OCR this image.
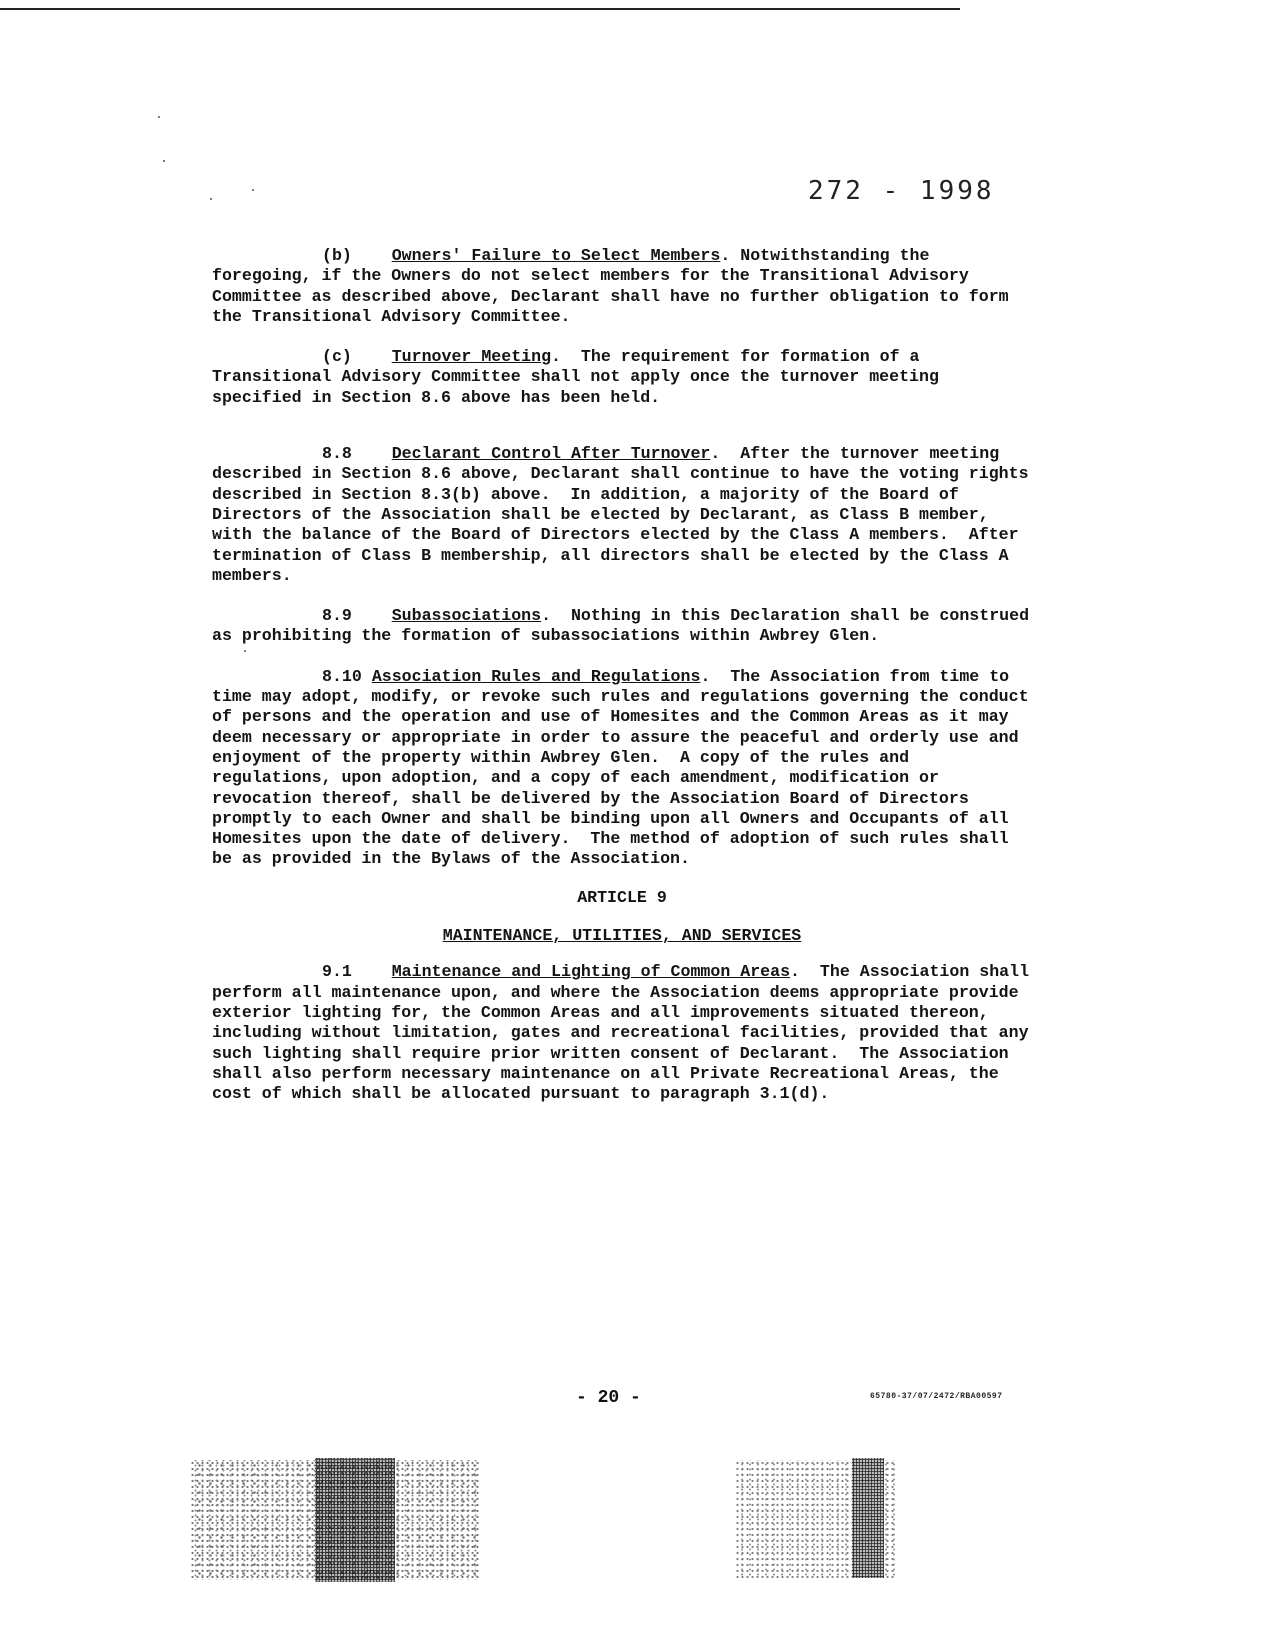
272 - 1998

(b) Owners' Failure to Select Members. Notwithstanding the foregoing, if the Owners do not select members for the Transitional Advisory Committee as described above, Declarant shall have no further obligation to form the Transitional Advisory Committee.

(c) Turnover Meeting.  The requirement for formation of a Transitional Advisory Committee shall not apply once the turnover meeting specified in Section 8.6 above has been held.

8.8 Declarant Control After Turnover.  After the turnover meeting described in Section 8.6 above, Declarant shall continue to have the voting rights described in Section 8.3(b) above.  In addition, a majority of the Board of Directors of the Association shall be elected by Declarant, as Class B member, with the balance of the Board of Directors elected by the Class A members.  After termination of Class B membership, all directors shall be elected by the Class A members.

8.9 Subassociations.  Nothing in this Declaration shall be construed as prohibiting the formation of subassociations within Awbrey Glen.

8.10 Association Rules and Regulations.  The Association from time to time may adopt, modify, or revoke such rules and regulations governing the conduct of persons and the operation and use of Homesites and the Common Areas as it may deem necessary or appropriate in order to assure the peaceful and orderly use and enjoyment of the property within Awbrey Glen.  A copy of the rules and regulations, upon adoption, and a copy of each amendment, modification or revocation thereof, shall be delivered by the Association Board of Directors promptly to each Owner and shall be binding upon all Owners and Occupants of all Homesites upon the date of delivery.  The method of adoption of such rules shall be as provided in the Bylaws of the Association.

ARTICLE 9

MAINTENANCE, UTILITIES, AND SERVICES

9.1 Maintenance and Lighting of Common Areas.  The Association shall perform all maintenance upon, and where the Association deems appropriate provide exterior lighting for, the Common Areas and all improvements situated thereon, including without limitation, gates and recreational facilities, provided that any such lighting shall require prior written consent of Declarant.  The Association shall also perform necessary maintenance on all Private Recreational Areas, the cost of which shall be allocated pursuant to paragraph 3.1(d).

- 20 -	65780-37/07/2472/RBA00597
